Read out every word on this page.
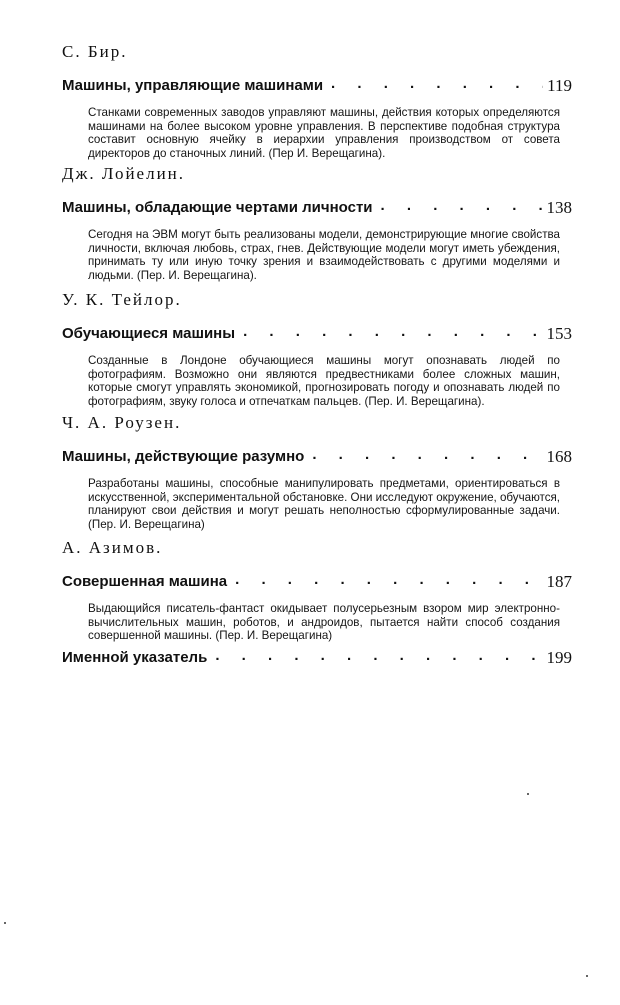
С. Бир.
Машины, управляющие машинами . . .	119
Станками современных заводов управляют машины, действия которых определяются машинами на более высоком уровне управления. В перспективе подобная структура составит основную ячейку в иерархии управления производством от совета директоров до станочных линий. (Пер И. Верещагина).
Дж. Лойелин.
Машины, обладающие чертами личности . . .	138
Сегодня на ЭВМ могут быть реализованы модели, демонстрирующие многие свойства личности, включая любовь, страх, гнев. Действующие модели могут иметь убеждения, принимать ту или иную точку зрения и взаимодействовать с другими моделями и людьми. (Пер. И. Верещагина).
У. К. Тейлор.
Обучающиеся машины . . .	153
Созданные в Лондоне обучающиеся машины могут опознавать людей по фотографиям. Возможно они являются предвестниками более сложных машин, которые смогут управлять экономикой, прогнозировать погоду и опознавать людей по фотографиям, звуку голоса и отпечаткам пальцев. (Пер. И. Верещагина).
Ч. А. Роузен.
Машины, действующие разумно . . .	168
Разработаны машины, способные манипулировать предметами, ориентироваться в искусственной, экспериментальной обстановке. Они исследуют окружение, обучаются, планируют свои действия и могут решать неполностью сформулированные задачи. (Пер. И. Верещагина)
А. Азимов.
Совершенная машина . . .	187
Выдающийся писатель-фантаст окидывает полусерьезным взором мир электронно-вычислительных машин, роботов, и андроидов, пытается найти способ создания совершенной машины. (Пер. И. Верещагина)
Именной указатель . . .	199
